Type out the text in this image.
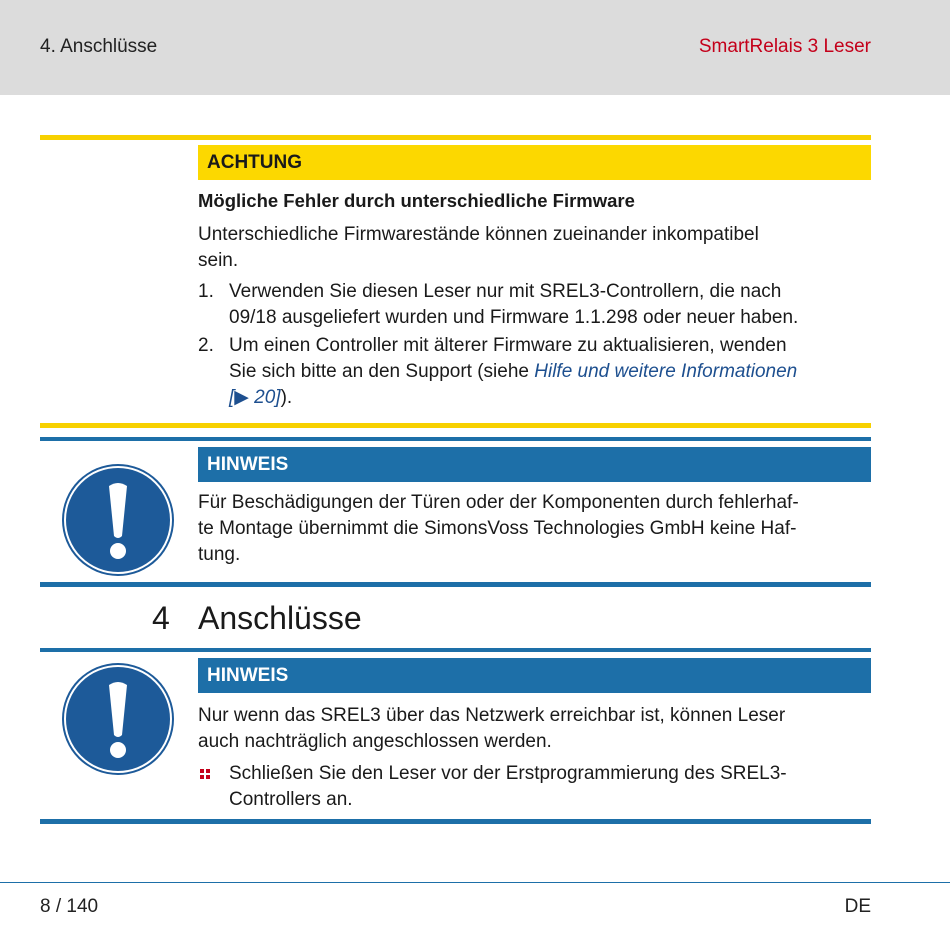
4. Anschlüsse	SmartRelais 3 Leser
ACHTUNG
Mögliche Fehler durch unterschiedliche Firmware
Unterschiedliche Firmwarestände können zueinander inkompatibel
sein.
1. Verwenden Sie diesen Leser nur mit SREL3-Controllern, die nach
09/18 ausgeliefert wurden und Firmware 1.1.298 oder neuer haben.
2. Um einen Controller mit älterer Firmware zu aktualisieren, wenden
Sie sich bitte an den Support (siehe Hilfe und weitere Informationen
[▶ 20]).
HINWEIS
Für Beschädigungen der Türen oder der Komponenten durch fehlerhaf-
te Montage übernimmt die SimonsVoss Technologies GmbH keine Haf-
tung.
4 Anschlüsse
HINWEIS
Nur wenn das SREL3 über das Netzwerk erreichbar ist, können Leser
auch nachträglich angeschlossen werden.
Schließen Sie den Leser vor der Erstprogrammierung des SREL3-
Controllers an.
8 / 140	DE
